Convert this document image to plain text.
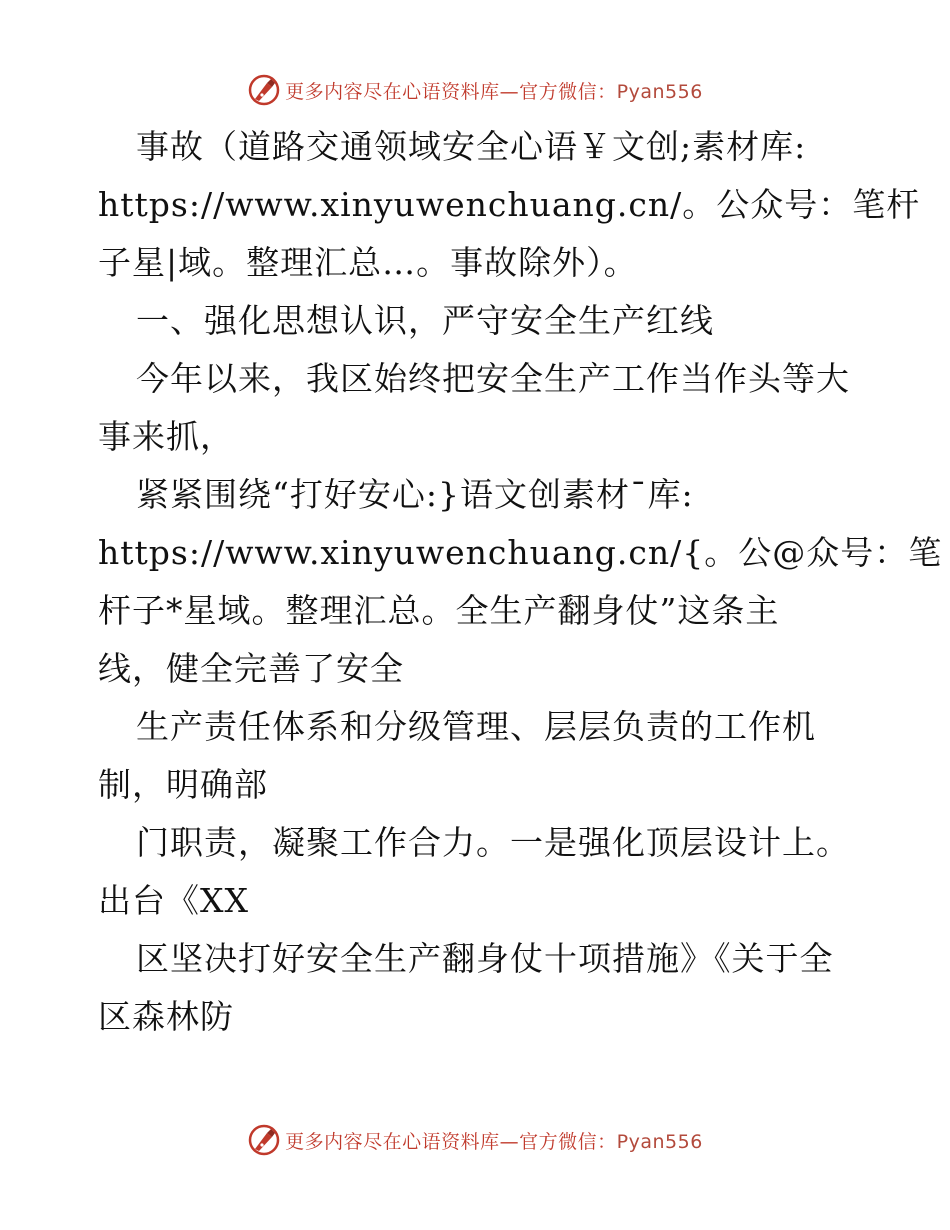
更多内容尽在心语资料库—官方微信：Pyan556
事故（道路交通领域安全心语￥文创;素材库:
https://www.xinyuwenchuang.cn/。公众号：笔杆
子星|域。整理汇总…。事故除外）。
一、强化思想认识，严守安全生产红线
今年以来，我区始终把安全生产工作当作头等大
事来抓，
紧紧围绕“打好安心:}语文创素材¯库:
https://www.xinyuwenchuang.cn/{。公@众号：笔
杆子*星域。整理汇总。全生产翻身仗”这条主
线，健全完善了安全
生产责任体系和分级管理、层层负责的工作机
制，明确部
门职责，凝聚工作合力。一是强化顶层设计上。
出台《XX
区坚决打好安全生产翻身仗十项措施》《关于全
区森林防
更多内容尽在心语资料库—官方微信：Pyan556
